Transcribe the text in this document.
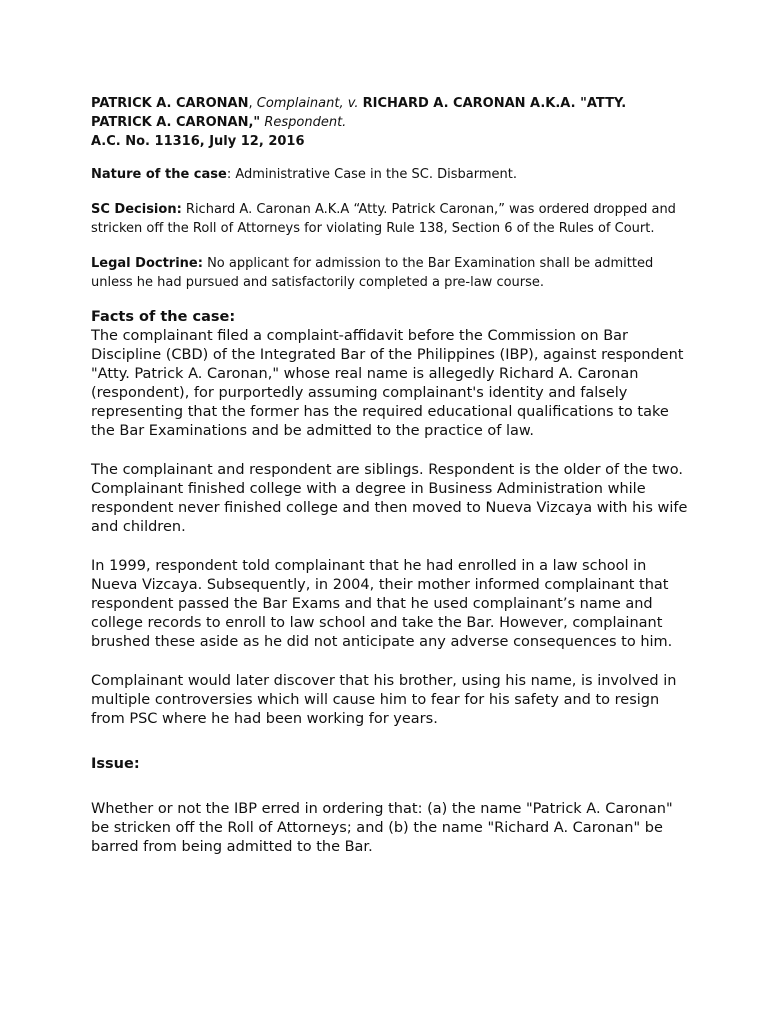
PATRICK A. CARONAN, Complainant, v. RICHARD A. CARONAN A.K.A. "ATTY. PATRICK A. CARONAN," Respondent.
A.C. No. 11316, July 12, 2016

Nature of the case: Administrative Case in the SC. Disbarment.

SC Decision: Richard A. Caronan A.K.A “Atty. Patrick Caronan,” was ordered dropped and stricken off the Roll of Attorneys for violating Rule 138, Section 6 of the Rules of Court.

Legal Doctrine: No applicant for admission to the Bar Examination shall be admitted unless he had pursued and satisfactorily completed a pre-law course.

Facts of the case:

The complainant filed a complaint-affidavit before the Commission on Bar Discipline (CBD) of the Integrated Bar of the Philippines (IBP), against respondent "Atty. Patrick A. Caronan," whose real name is allegedly Richard A. Caronan (respondent), for purportedly assuming complainant's identity and falsely representing that the former has the required educational qualifications to take the Bar Examinations and be admitted to the practice of law.

The complainant and respondent are siblings. Respondent is the older of the two. Complainant finished college with a degree in Business Administration while respondent never finished college and then moved to Nueva Vizcaya with his wife and children.

In 1999, respondent told complainant that he had enrolled in a law school in Nueva Vizcaya. Subsequently, in 2004, their mother informed complainant that respondent passed the Bar Exams and that he used complainant’s name and college records to enroll to law school and take the Bar. However, complainant brushed these aside as he did not anticipate any adverse consequences to him.

Complainant would later discover that his brother, using his name, is involved in multiple controversies which will cause him to fear for his safety and to resign from PSC where he had been working for years.

Issue:

Whether or not the IBP erred in ordering that: (a) the name "Patrick A. Caronan" be stricken off the Roll of Attorneys; and (b) the name "Richard A. Caronan" be barred from being admitted to the Bar.
